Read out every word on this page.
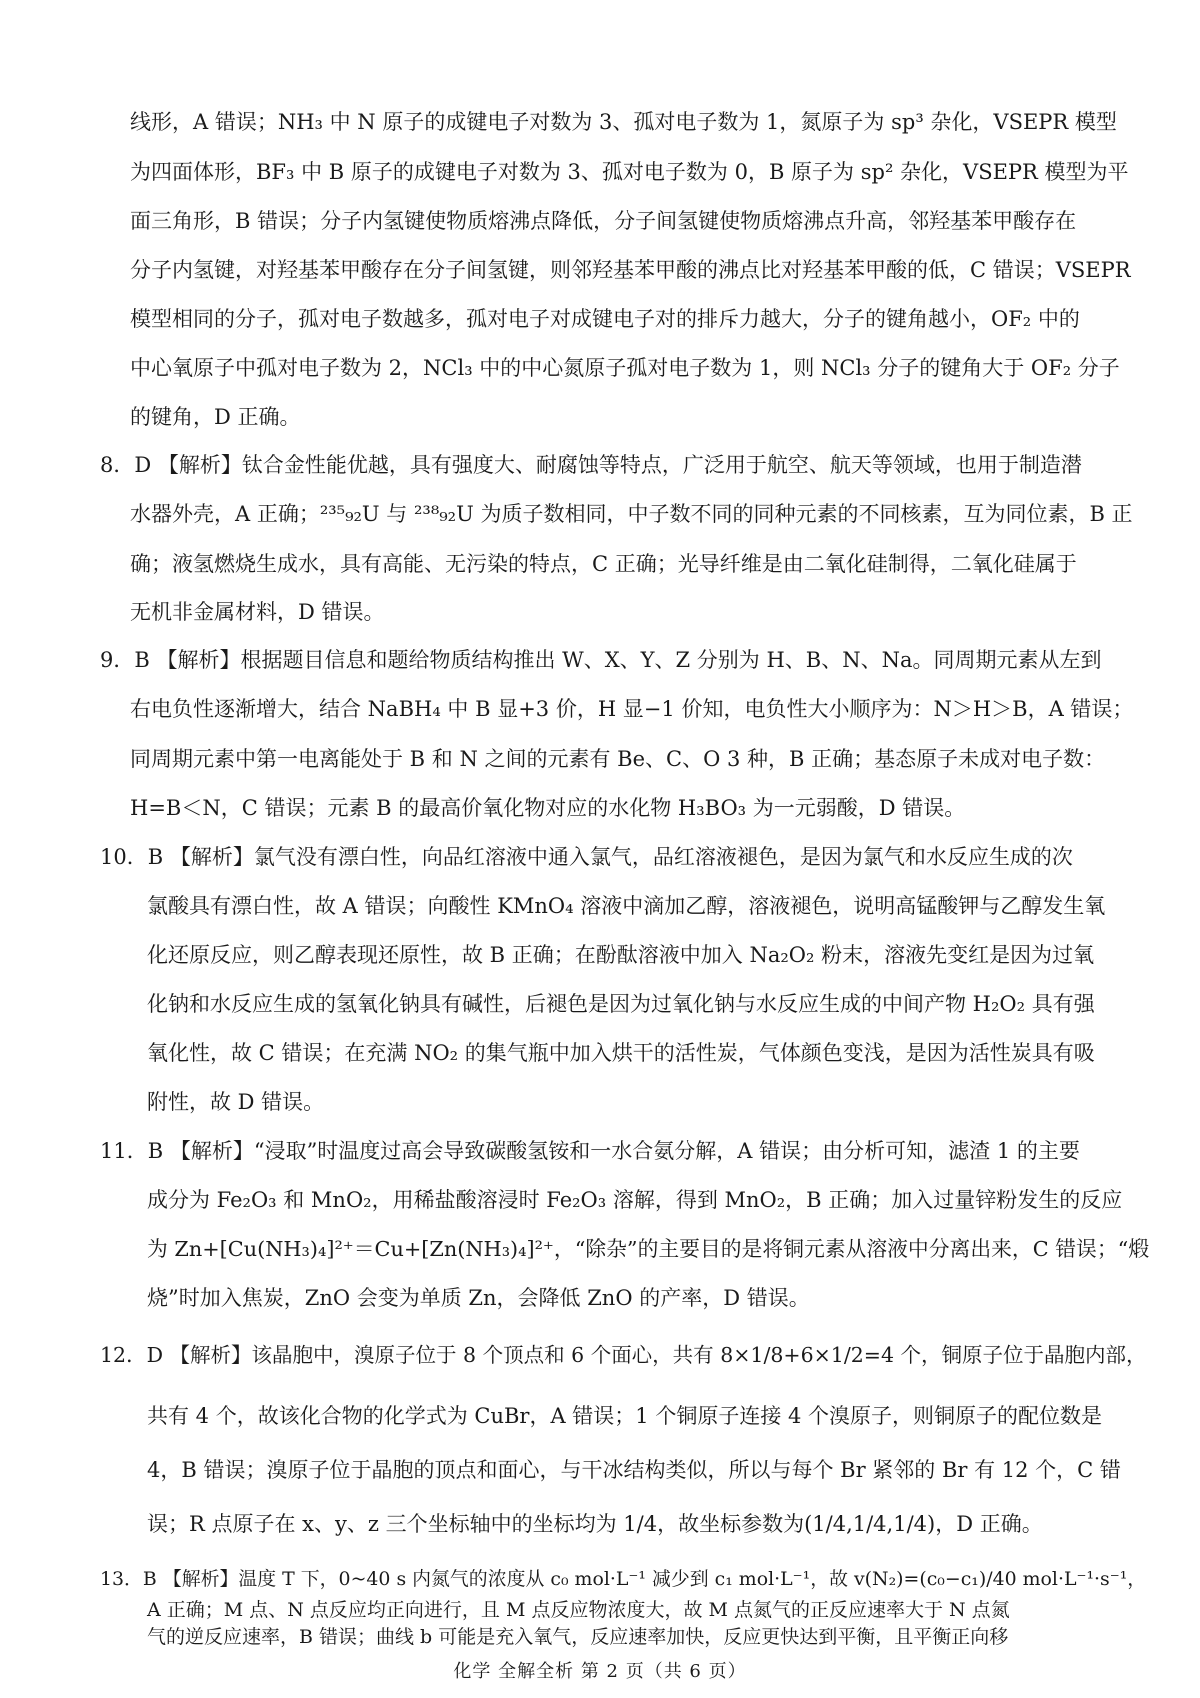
线形，A 错误；NH₃ 中 N 原子的成键电子对数为 3、孤对电子数为 1，氮原子为 sp³ 杂化，VSEPR 模型
为四面体形，BF₃ 中 B 原子的成键电子对数为 3、孤对电子数为 0，B 原子为 sp² 杂化，VSEPR 模型为平
面三角形，B 错误；分子内氢键使物质熔沸点降低，分子间氢键使物质熔沸点升高，邻羟基苯甲酸存在
分子内氢键，对羟基苯甲酸存在分子间氢键，则邻羟基苯甲酸的沸点比对羟基苯甲酸的低，C 错误；VSEPR
模型相同的分子，孤对电子数越多，孤对电子对成键电子对的排斥力越大，分子的键角越小，OF₂ 中的
中心氧原子中孤对电子数为 2，NCl₃ 中的中心氮原子孤对电子数为 1，则 NCl₃ 分子的键角大于 OF₂ 分子
的键角，D 正确。
8．D 【解析】钛合金性能优越，具有强度大、耐腐蚀等特点，广泛用于航空、航天等领域，也用于制造潜
水器外壳，A 正确；²³⁵₉₂U 与 ²³⁸₉₂U 为质子数相同，中子数不同的同种元素的不同核素，互为同位素，B 正
确；液氢燃烧生成水，具有高能、无污染的特点，C 正确；光导纤维是由二氧化硅制得，二氧化硅属于
无机非金属材料，D 错误。
9．B 【解析】根据题目信息和题给物质结构推出 W、X、Y、Z 分别为 H、B、N、Na。同周期元素从左到
右电负性逐渐增大，结合 NaBH₄ 中 B 显+3 价，H 显−1 价知，电负性大小顺序为：N＞H＞B，A 错误；
同周期元素中第一电离能处于 B 和 N 之间的元素有 Be、C、O 3 种，B 正确；基态原子未成对电子数：
H=B＜N，C 错误；元素 B 的最高价氧化物对应的水化物 H₃BO₃ 为一元弱酸，D 错误。
10．B 【解析】氯气没有漂白性，向品红溶液中通入氯气，品红溶液褪色，是因为氯气和水反应生成的次
氯酸具有漂白性，故 A 错误；向酸性 KMnO₄ 溶液中滴加乙醇，溶液褪色，说明高锰酸钾与乙醇发生氧
化还原反应，则乙醇表现还原性，故 B 正确；在酚酞溶液中加入 Na₂O₂ 粉末，溶液先变红是因为过氧
化钠和水反应生成的氢氧化钠具有碱性，后褪色是因为过氧化钠与水反应生成的中间产物 H₂O₂ 具有强
氧化性，故 C 错误；在充满 NO₂ 的集气瓶中加入烘干的活性炭，气体颜色变浅，是因为活性炭具有吸
附性，故 D 错误。
11．B 【解析】“浸取”时温度过高会导致碳酸氢铵和一水合氨分解，A 错误；由分析可知，滤渣 1 的主要
成分为 Fe₂O₃ 和 MnO₂，用稀盐酸溶浸时 Fe₂O₃ 溶解，得到 MnO₂，B 正确；加入过量锌粉发生的反应
为 Zn+[Cu(NH₃)₄]²⁺＝Cu+[Zn(NH₃)₄]²⁺，“除杂”的主要目的是将铜元素从溶液中分离出来，C 错误；“煅
烧”时加入焦炭，ZnO 会变为单质 Zn，会降低 ZnO 的产率，D 错误。
12．D 【解析】该晶胞中，溴原子位于 8 个顶点和 6 个面心，共有 8×1/8+6×1/2=4 个，铜原子位于晶胞内部，
共有 4 个，故该化合物的化学式为 CuBr，A 错误；1 个铜原子连接 4 个溴原子，则铜原子的配位数是
4，B 错误；溴原子位于晶胞的顶点和面心，与干冰结构类似，所以与每个 Br 紧邻的 Br 有 12 个，C 错
误；R 点原子在 x、y、z 三个坐标轴中的坐标均为 1/4，故坐标参数为(1/4,1/4,1/4)，D 正确。
13．B 【解析】温度 T 下，0~40 s 内氮气的浓度从 c₀ mol·L⁻¹ 减少到 c₁ mol·L⁻¹，故 v(N₂)=(c₀−c₁)/40 mol·L⁻¹·s⁻¹，
A 正确；M 点、N 点反应均正向进行，且 M 点反应物浓度大，故 M 点氮气的正反应速率大于 N 点氮
气的逆反应速率，B 错误；曲线 b 可能是充入氧气，反应速率加快，反应更快达到平衡，且平衡正向移
化学 全解全析 第 2 页（共 6 页）
